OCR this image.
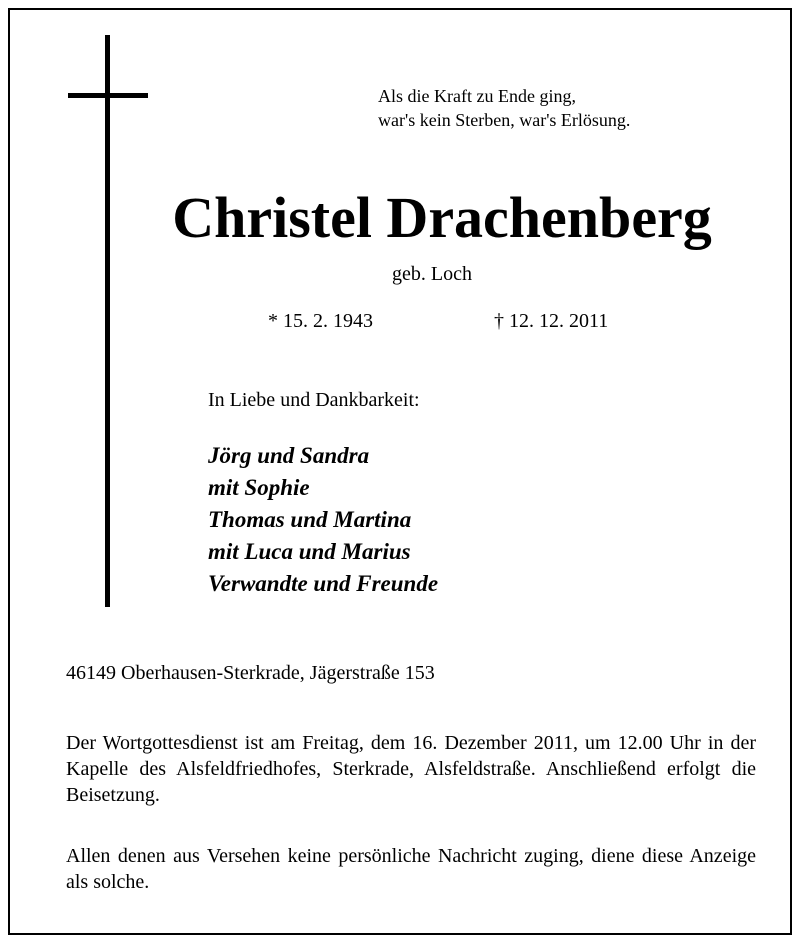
Als die Kraft zu Ende ging,
war's kein Sterben, war's Erlösung.
Christel Drachenberg
geb. Loch
* 15. 2. 1943	† 12. 12. 2011
In Liebe und Dankbarkeit:
Jörg und Sandra
mit Sophie
Thomas und Martina
mit Luca und Marius
Verwandte und Freunde
46149 Oberhausen-Sterkrade, Jägerstraße 153
Der Wortgottesdienst ist am Freitag, dem 16. Dezember 2011, um 12.00 Uhr in der Kapelle des Alsfeldfriedhofes, Sterkrade, Alsfeldstraße. Anschließend erfolgt die Beisetzung.
Allen denen aus Versehen keine persönliche Nachricht zuging, diene diese Anzeige als solche.
